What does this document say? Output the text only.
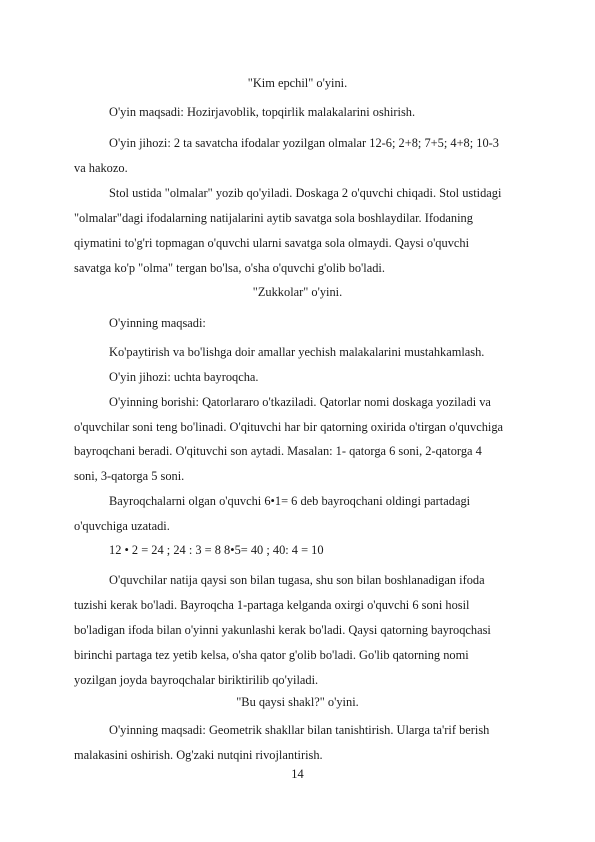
"Kim epchil" o'yini.
O'yin maqsadi: Hozirjavoblik, topqirlik malakalarini oshirish.
O'yin jihozi: 2 ta savatcha ifodalar yozilgan olmalar 12-6; 2+8; 7+5; 4+8; 10-3
va hakozo.
Stol ustida "olmalar" yozib qo'yiladi. Doskaga 2 o'quvchi chiqadi. Stol ustidagi
"olmalar"dagi ifodalarning natijalarini aytib savatga sola boshlaydilar. Ifodaning
qiymatini to'g'ri topmagan o'quvchi ularni savatga sola olmaydi. Qaysi o'quvchi
savatga ko'p "olma" tergan bo'lsa, o'sha o'quvchi g'olib bo'ladi.
"Zukkolar" o'yini.
O'yinning maqsadi:
Ko'paytirish va bo'lishga doir amallar yechish malakalarini mustahkamlash.
O'yin jihozi: uchta bayroqcha.
O'yinning borishi: Qatorlararo o'tkaziladi. Qatorlar nomi doskaga yoziladi va
o'quvchilar soni teng bo'linadi. O'qituvchi har bir qatorning oxirida o'tirgan o'quvchiga
bayroqchani beradi. O'qituvchi son aytadi. Masalan: 1- qatorga 6 soni, 2-qatorga 4
soni, 3-qatorga 5 soni.
Bayroqchalarni olgan o'quvchi 6•1= 6 deb bayroqchani oldingi partadagi
o'quvchiga uzatadi.
12 • 2 = 24 ; 24 : 3 = 8 8•5= 40 ; 40: 4 = 10
O'quvchilar natija qaysi son bilan tugasa, shu son bilan boshlanadigan ifoda
tuzishi kerak bo'ladi. Bayroqcha 1-partaga kelganda oxirgi o'quvchi 6 soni hosil
bo'ladigan ifoda bilan o'yinni yakunlashi kerak bo'ladi. Qaysi qatorning bayroqchasi
birinchi partaga tez yetib kelsa, o'sha qator g'olib bo'ladi. Go'lib qatorning nomi
yozilgan joyda bayroqchalar biriktirilib qo'yiladi.
"Bu qaysi shakl?" o'yini.
O'yinning maqsadi: Geometrik shakllar bilan tanishtirish. Ularga ta'rif berish
malakasini oshirish. Og'zaki nutqini rivojlantirish.
14
